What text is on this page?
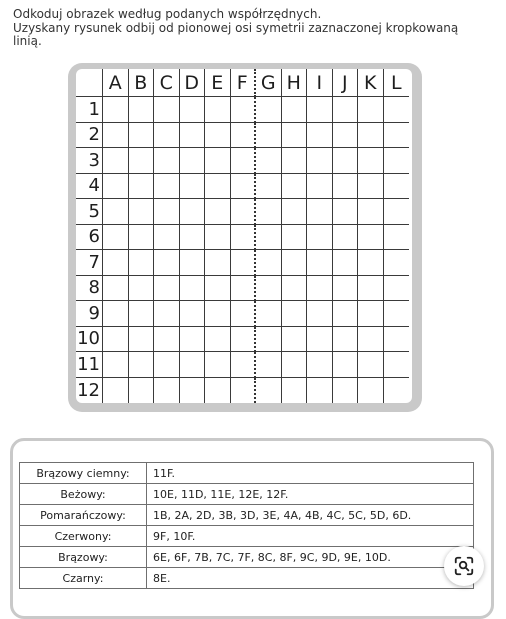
Odkoduj obrazek według podanych współrzędnych.
Uzyskany rysunek odbij od pionowej osi symetrii zaznaczonej kropkowaną
linią.
A B C D E F G H I	J K L
1
2
3
4
5
6
7
8
9
10
11
12
Brązowy ciemny:	11F.
Beżowy:	10E, 11D, 11E, 12E, 12F.
Pomarańczowy:	1B, 2A, 2D, 3B, 3D, 3E, 4A, 4B, 4C, 5C, 5D, 6D.
Czerwony:	9F, 10F.
Brązowy:	6E, 6F, 7B, 7C, 7F, 8C, 8F, 9C, 9D, 9E, 10D.
Czarny:	8E.
